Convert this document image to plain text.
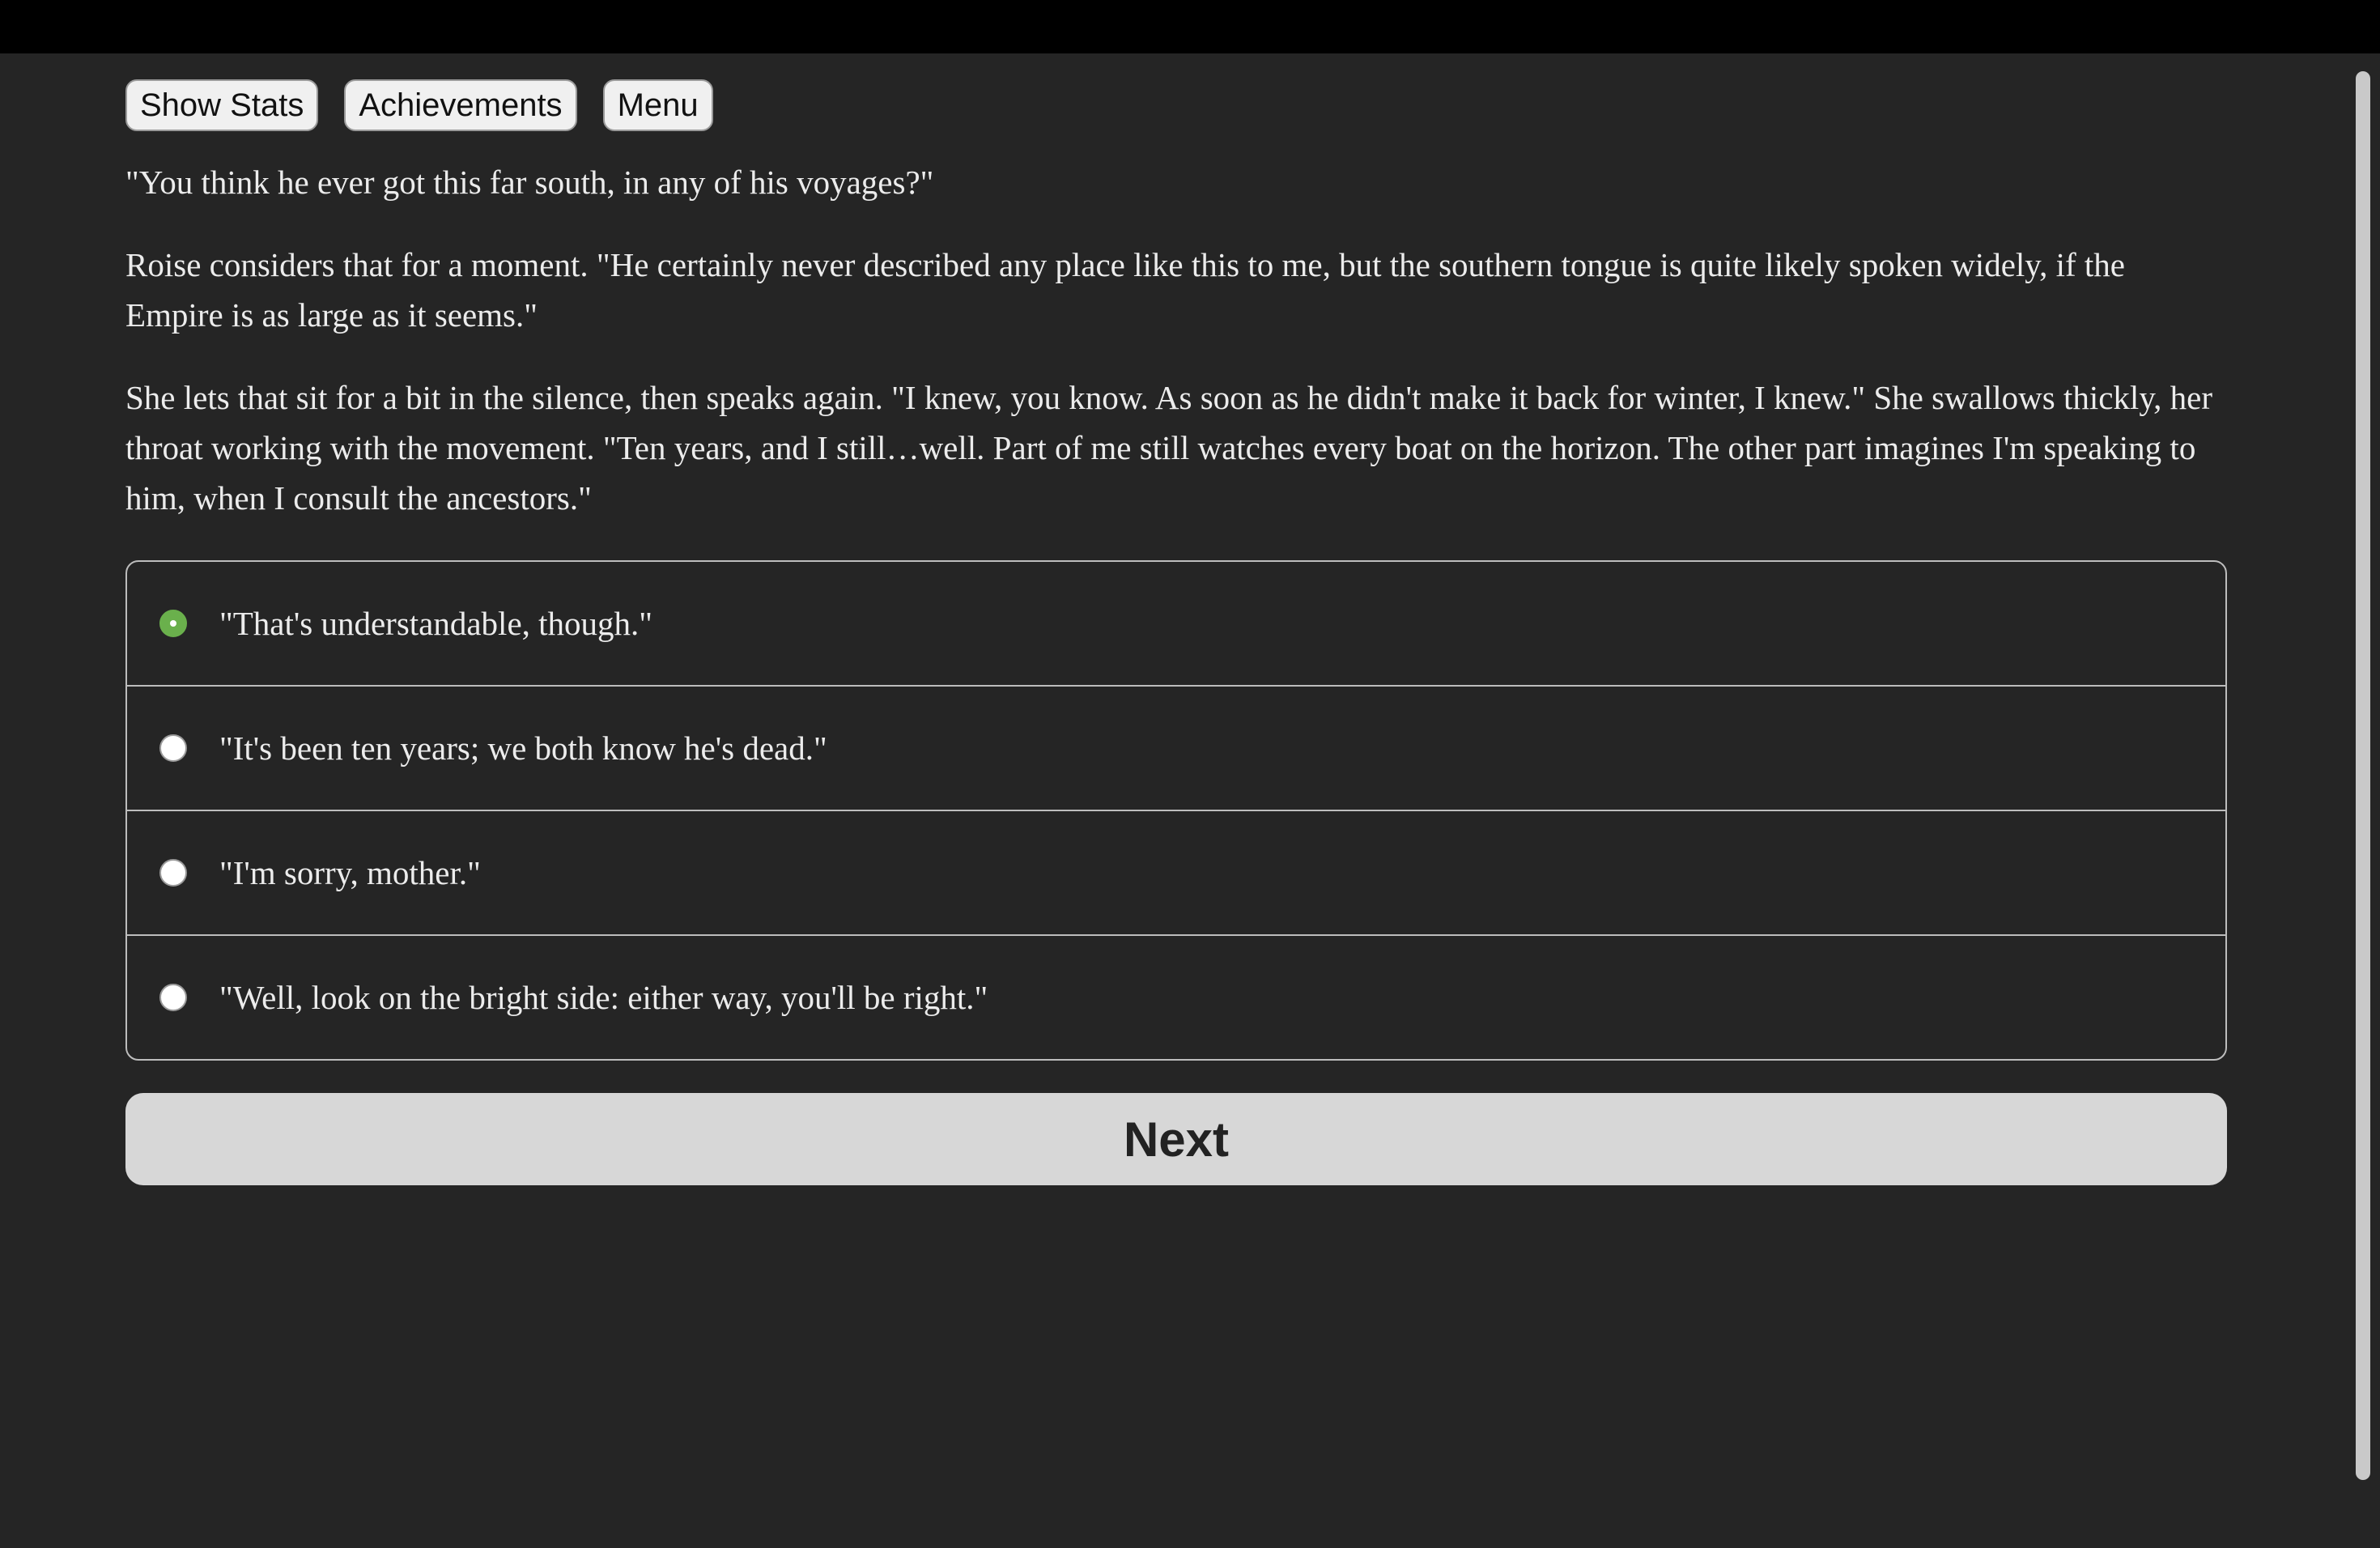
Show Stats	Achievements	Menu

"You think he ever got this far south, in any of his voyages?"

Roise considers that for a moment. "He certainly never described any place like this to me, but the southern tongue is quite likely spoken widely, if the Empire is as large as it seems."

She lets that sit for a bit in the silence, then speaks again. "I knew, you know. As soon as he didn't make it back for winter, I knew." She swallows thickly, her throat working with the movement. "Ten years, and I still…well. Part of me still watches every boat on the horizon. The other part imagines I'm speaking to him, when I consult the ancestors."

"That's understandable, though."
"It's been ten years; we both know he's dead."
"I'm sorry, mother."
"Well, look on the bright side: either way, you'll be right."
Next
